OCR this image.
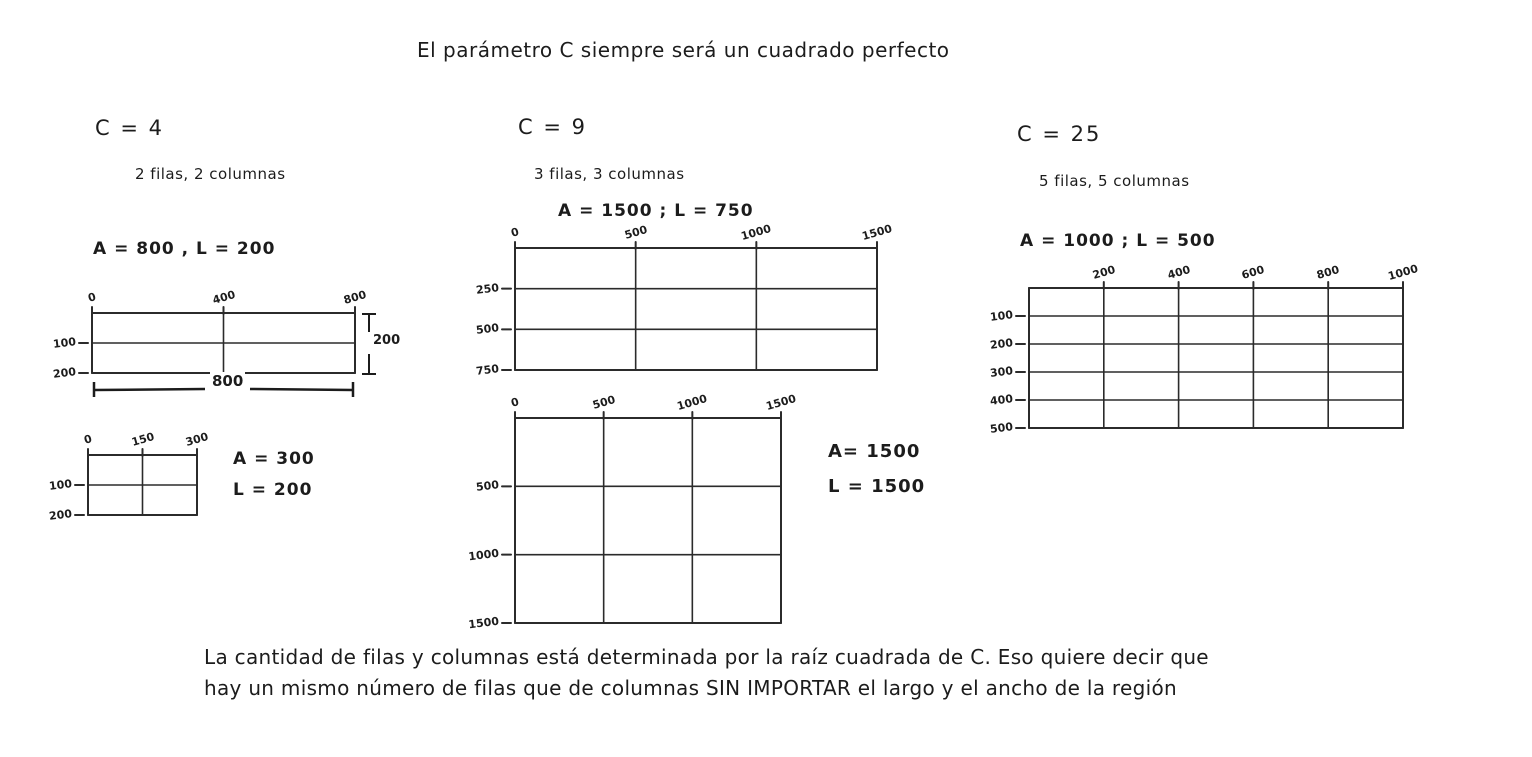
El parámetro C siempre será un cuadrado perfecto
C = 4
2 filas, 2 columnas
A = 800 , L = 200
0	400	800
100
200
200
800
0	150	300
100
200
A = 300
L = 200
C = 9
3 filas, 3 columnas
A = 1500 ; L = 750
0	500	1000	1500
250
500
750
0	500	1000	1500
500
1000
1500
A= 1500
L = 1500
C = 25
5 filas, 5 columnas
A = 1000 ; L = 500
200	400	600	800	1000
100
200
300
400
500
La cantidad de filas y columnas está determinada por la raíz cuadrada de C. Eso quiere decir que
hay un mismo número de filas que de columnas SIN IMPORTAR el largo y el ancho de la región
